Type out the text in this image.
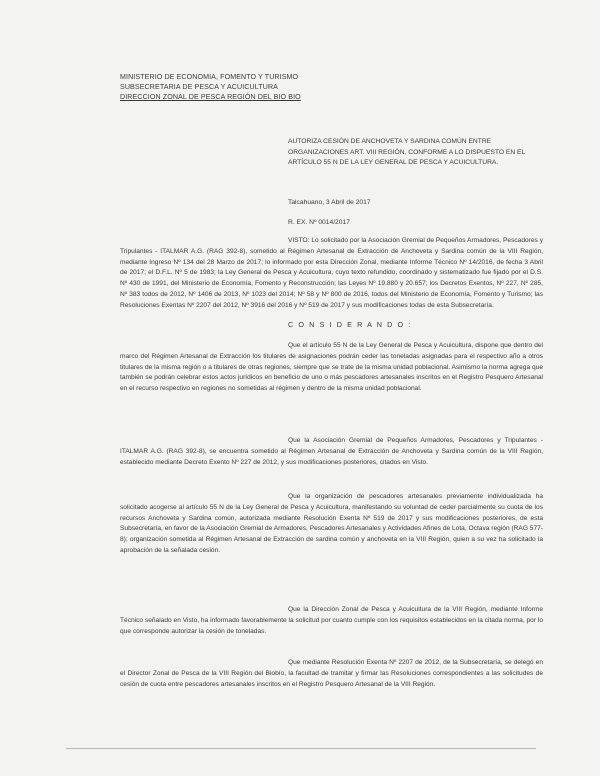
MINISTERIO DE ECONOMIA, FOMENTO Y TURISMO
SUBSECRETARIA DE PESCA Y ACUICULTURA
DIRECCION ZONAL DE PESCA REGIÓN DEL BIO BIO
AUTORIZA CESIÓN DE ANCHOVETA Y SARDINA COMÚN ENTRE ORGANIZACIONES ART. VIII REGIÓN, CONFORME A LO DISPUESTO EN EL ARTÍCULO 55 N DE LA LEY GENERAL DE PESCA Y ACUICULTURA.
Talcahuano, 3 Abril de 2017
R. EX. Nº 0014/2017
VISTO: Lo solicitado por la Asociación Gremial de Pequeños Armadores, Pescadores y Tripulantes - ITALMAR A.G. (RAG 392-8), sometido al Régimen Artesanal de Extracción de Anchoveta y Sardina común de la VIII Región, mediante Ingreso Nº 134 del 28 Marzo de 2017; lo informado por esta Dirección Zonal, mediante Informe Técnico Nº 14/2016, de fecha 3 Abril de 2017; el D.F.L. Nº 5 de 1983; la Ley General de Pesca y Acuicultura, cuyo texto refundido, coordinado y sistematizado fue fijado por el D.S. Nº 430 de 1991, del Ministerio de Economía, Fomento y Reconstrucción; las Leyes Nº 19.880 y 20.657; los Decretos Exentos, Nº 227, Nº 285, Nº 383 todos de 2012, Nº 1406 de 2013, Nº 1023 del 2014; Nº 58 y Nº 800 de 2016, todos del Ministerio de Economía, Fomento y Turismo; las Resoluciones Exentas Nº 2207 del 2012, Nº 3916 del 2016 y Nº 519 de 2017 y sus modificaciones todas de esta Subsecretaría.
C O N S I D E R A N D O :
Que el artículo 55 N de la Ley General de Pesca y Acuicultura, dispone que dentro del marco del Régimen Artesanal de Extracción los titulares de asignaciones podrán ceder las toneladas asignadas para el respectivo año a otros titulares de la misma región o a titulares de otras regiones, siempre que se trate de la misma unidad poblacional. Asimismo la norma agrega que también se podrán celebrar estos actos jurídicos en beneficio de uno o más pescadores artesanales inscritos en el Registro Pesquero Artesanal en el recurso respectivo en regiones no sometidas al régimen y dentro de la misma unidad poblacional.
Que la Asociación Gremial de Pequeños Armadores, Pescadores y Tripulantes - ITALMAR A.G. (RAG 392-8), se encuentra sometido al Régimen Artesanal de Extracción de Anchoveta y Sardina común de la VIII Región, establecido mediante Decreto Exento Nº 227 de 2012, y sus modificaciones posteriores, citados en Visto.
Que la organización de pescadores artesanales previamente individualizada ha solicitado acogerse al artículo 55 N de la Ley General de Pesca y Acuicultura, manifestando su voluntad de ceder parcialmente su cuota de los recursos Anchoveta y Sardina común, autorizada mediante Resolución Exenta Nº 519 de 2017 y sus modificaciones posteriores, de esta Subsecretaría, en favor de la Asociación Gremial de Armadores, Pescadores Artesanales y Actividades Afines de Lota, Octava región (RAG 577-8); organización sometida al Régimen Artesanal de Extracción de sardina común y anchoveta en la VIII Región, quien a su vez ha solicitado la aprobación de la señalada cesión.
Que la Dirección Zonal de Pesca y Acuicultura de la VIII Región, mediante Informe Técnico señalado en Visto, ha informado favorablemente la solicitud por cuanto cumple con los requisitos establecidos en la citada norma, por lo que corresponde autorizar la cesión de toneladas.
Que mediante Resolución Exenta Nº 2207 de 2012, de la Subsecretaría, se delegó en el Director Zonal de Pesca de la VIII Región del Biobío, la facultad de tramitar y firmar las Resoluciones correspondientes a las solicitudes de cesión de cuota entre pescadores artesanales inscritos en el Registro Pesquero Artesanal de la VIII Región.
